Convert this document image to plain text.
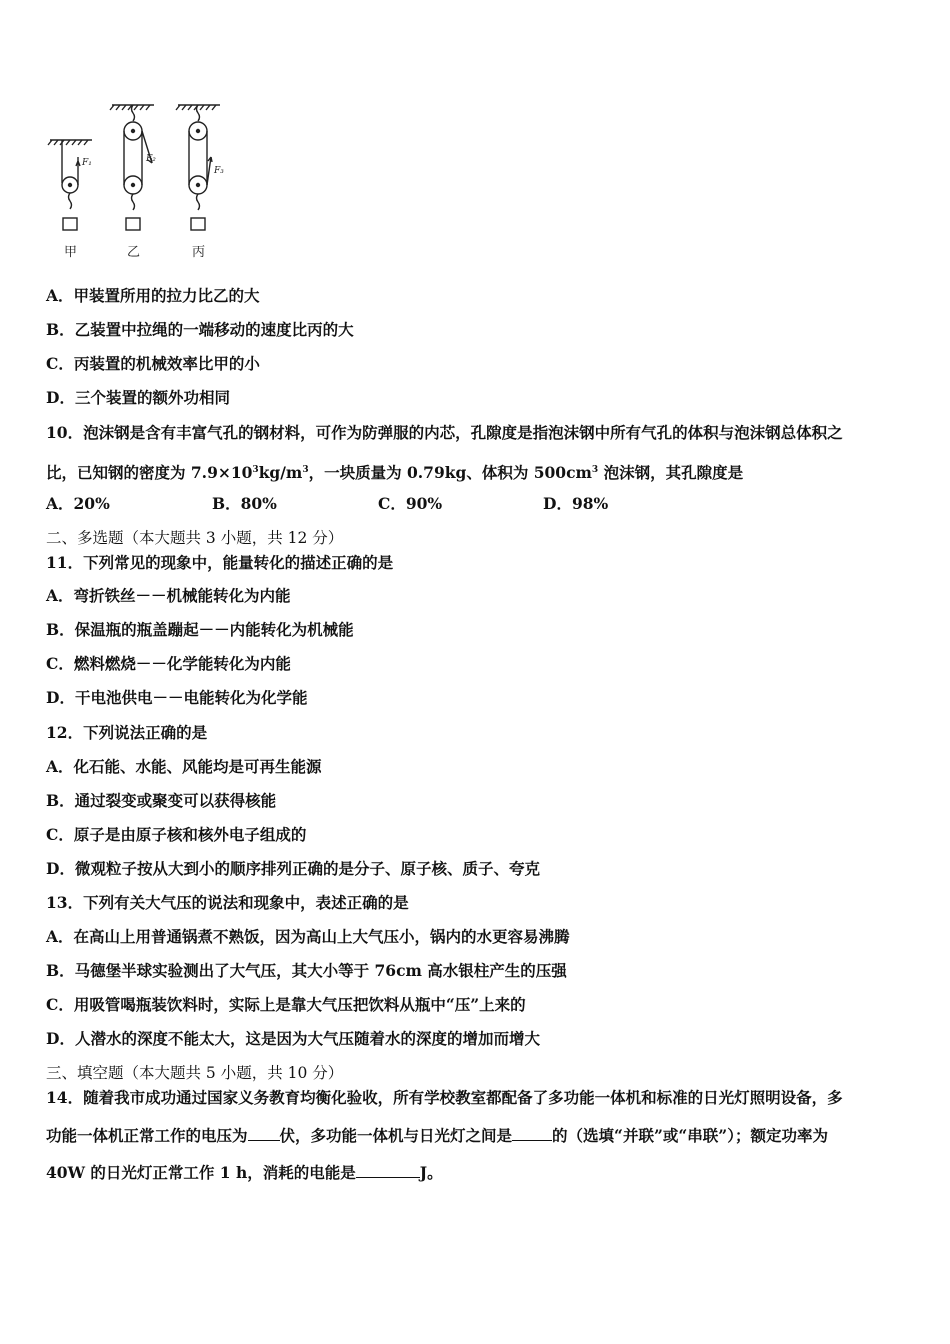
F₁	F₂
F₃
甲	乙	丙
A．甲装置所用的拉力比乙的大
B．乙装置中拉绳的一端移动的速度比丙的大
C．丙装置的机械效率比甲的小
D．三个装置的额外功相同
10．泡沫钢是含有丰富气孔的钢材料，可作为防弹服的内芯，孔隙度是指泡沫钢中所有气孔的体积与泡沫钢总体积之
比，已知钢的密度为 $7.9\times 10^3kg/m^3$，一块质量为 0.79kg、体积为 $500cm^3$ 泡沫钢，其孔隙度是
A．20%	B．80%	C．90%	D．98%
二、多选题（本大题共 3 小题，共 12 分）
11．下列常见的现象中，能量转化的描述正确的是
A．弯折铁丝－－机械能转化为内能
B．保温瓶的瓶盖蹦起－－内能转化为机械能
C．燃料燃烧－－化学能转化为内能
D．干电池供电－－电能转化为化学能
12．下列说法正确的是
A．化石能、水能、风能均是可再生能源
B．通过裂变或聚变可以获得核能
C．原子是由原子核和核外电子组成的
D．微观粒子按从大到小的顺序排列正确的是分子、原子核、质子、夸克
13．下列有关大气压的说法和现象中，表述正确的是
A．在高山上用普通锅煮不熟饭，因为高山上大气压小，锅内的水更容易沸腾
B．马德堡半球实验测出了大气压，其大小等于 76cm 高水银柱产生的压强
C．用吸管喝瓶装饮料时，实际上是靠大气压把饮料从瓶中“压”上来的
D．人潜水的深度不能太大，这是因为大气压随着水的深度的增加而增大
三、填空题（本大题共 5 小题，共 10 分）
14．随着我市成功通过国家义务教育均衡化验收，所有学校教室都配备了多功能一体机和标准的日光灯照明设备，多
功能一体机正常工作的电压为 伏，多功能一体机与日光灯之间是	的（选填“并联”或“串联”）；额定功率为
40W 的日光灯正常工作 1 h，消耗的电能是	J。
